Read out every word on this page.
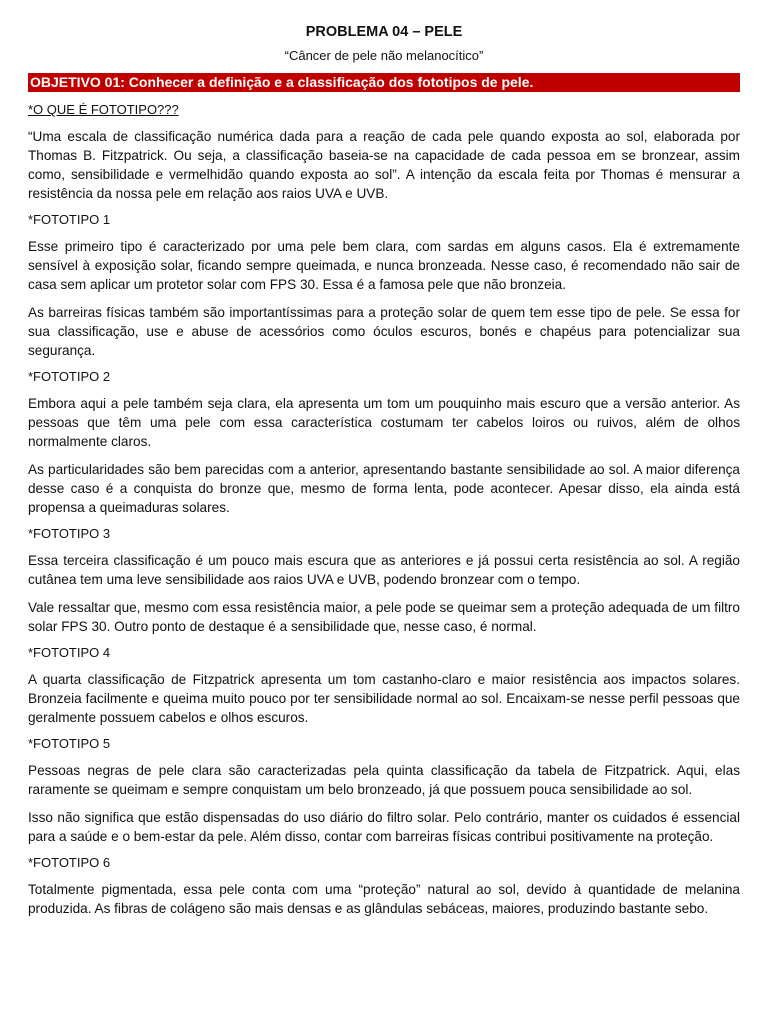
PROBLEMA 04 – PELE
“Câncer de pele não melanocítico”
OBJETIVO 01: Conhecer a definição e a classificação dos fototipos de pele.
*O QUE É FOTOTIPO???

“Uma escala de classificação numérica dada para a reação de cada pele quando exposta ao sol, elaborada por Thomas B. Fitzpatrick. Ou seja, a classificação baseia-se na capacidade de cada pessoa em se bronzear, assim como, sensibilidade e vermelhidão quando exposta ao sol”. A intenção da escala feita por Thomas é mensurar a resistência da nossa pele em relação aos raios UVA e UVB.

*FOTOTIPO 1

Esse primeiro tipo é caracterizado por uma pele bem clara, com sardas em alguns casos. Ela é extremamente sensível à exposição solar, ficando sempre queimada, e nunca bronzeada. Nesse caso, é recomendado não sair de casa sem aplicar um protetor solar com FPS 30. Essa é a famosa pele que não bronzeia.

As barreiras físicas também são importantíssimas para a proteção solar de quem tem esse tipo de pele. Se essa for sua classificação, use e abuse de acessórios como óculos escuros, bonés e chapéus para potencializar sua segurança.

*FOTOTIPO 2

Embora aqui a pele também seja clara, ela apresenta um tom um pouquinho mais escuro que a versão anterior. As pessoas que têm uma pele com essa característica costumam ter cabelos loiros ou ruivos, além de olhos normalmente claros.

As particularidades são bem parecidas com a anterior, apresentando bastante sensibilidade ao sol. A maior diferença desse caso é a conquista do bronze que, mesmo de forma lenta, pode acontecer. Apesar disso, ela ainda está propensa a queimaduras solares.

*FOTOTIPO 3

Essa terceira classificação é um pouco mais escura que as anteriores e já possui certa resistência ao sol. A região cutânea tem uma leve sensibilidade aos raios UVA e UVB, podendo bronzear com o tempo.

Vale ressaltar que, mesmo com essa resistência maior, a pele pode se queimar sem a proteção adequada de um filtro solar FPS 30. Outro ponto de destaque é a sensibilidade que, nesse caso, é normal.

*FOTOTIPO 4

A quarta classificação de Fitzpatrick apresenta um tom castanho-claro e maior resistência aos impactos solares. Bronzeia facilmente e queima muito pouco por ter sensibilidade normal ao sol. Encaixam-se nesse perfil pessoas que geralmente possuem cabelos e olhos escuros.

*FOTOTIPO 5

Pessoas negras de pele clara são caracterizadas pela quinta classificação da tabela de Fitzpatrick. Aqui, elas raramente se queimam e sempre conquistam um belo bronzeado, já que possuem pouca sensibilidade ao sol.

Isso não significa que estão dispensadas do uso diário do filtro solar. Pelo contrário, manter os cuidados é essencial para a saúde e o bem-estar da pele. Além disso, contar com barreiras físicas contribui positivamente na proteção.

*FOTOTIPO 6

Totalmente pigmentada, essa pele conta com uma “proteção” natural ao sol, devido à quantidade de melanina produzida. As fibras de colágeno são mais densas e as glândulas sebáceas, maiores, produzindo bastante sebo.
